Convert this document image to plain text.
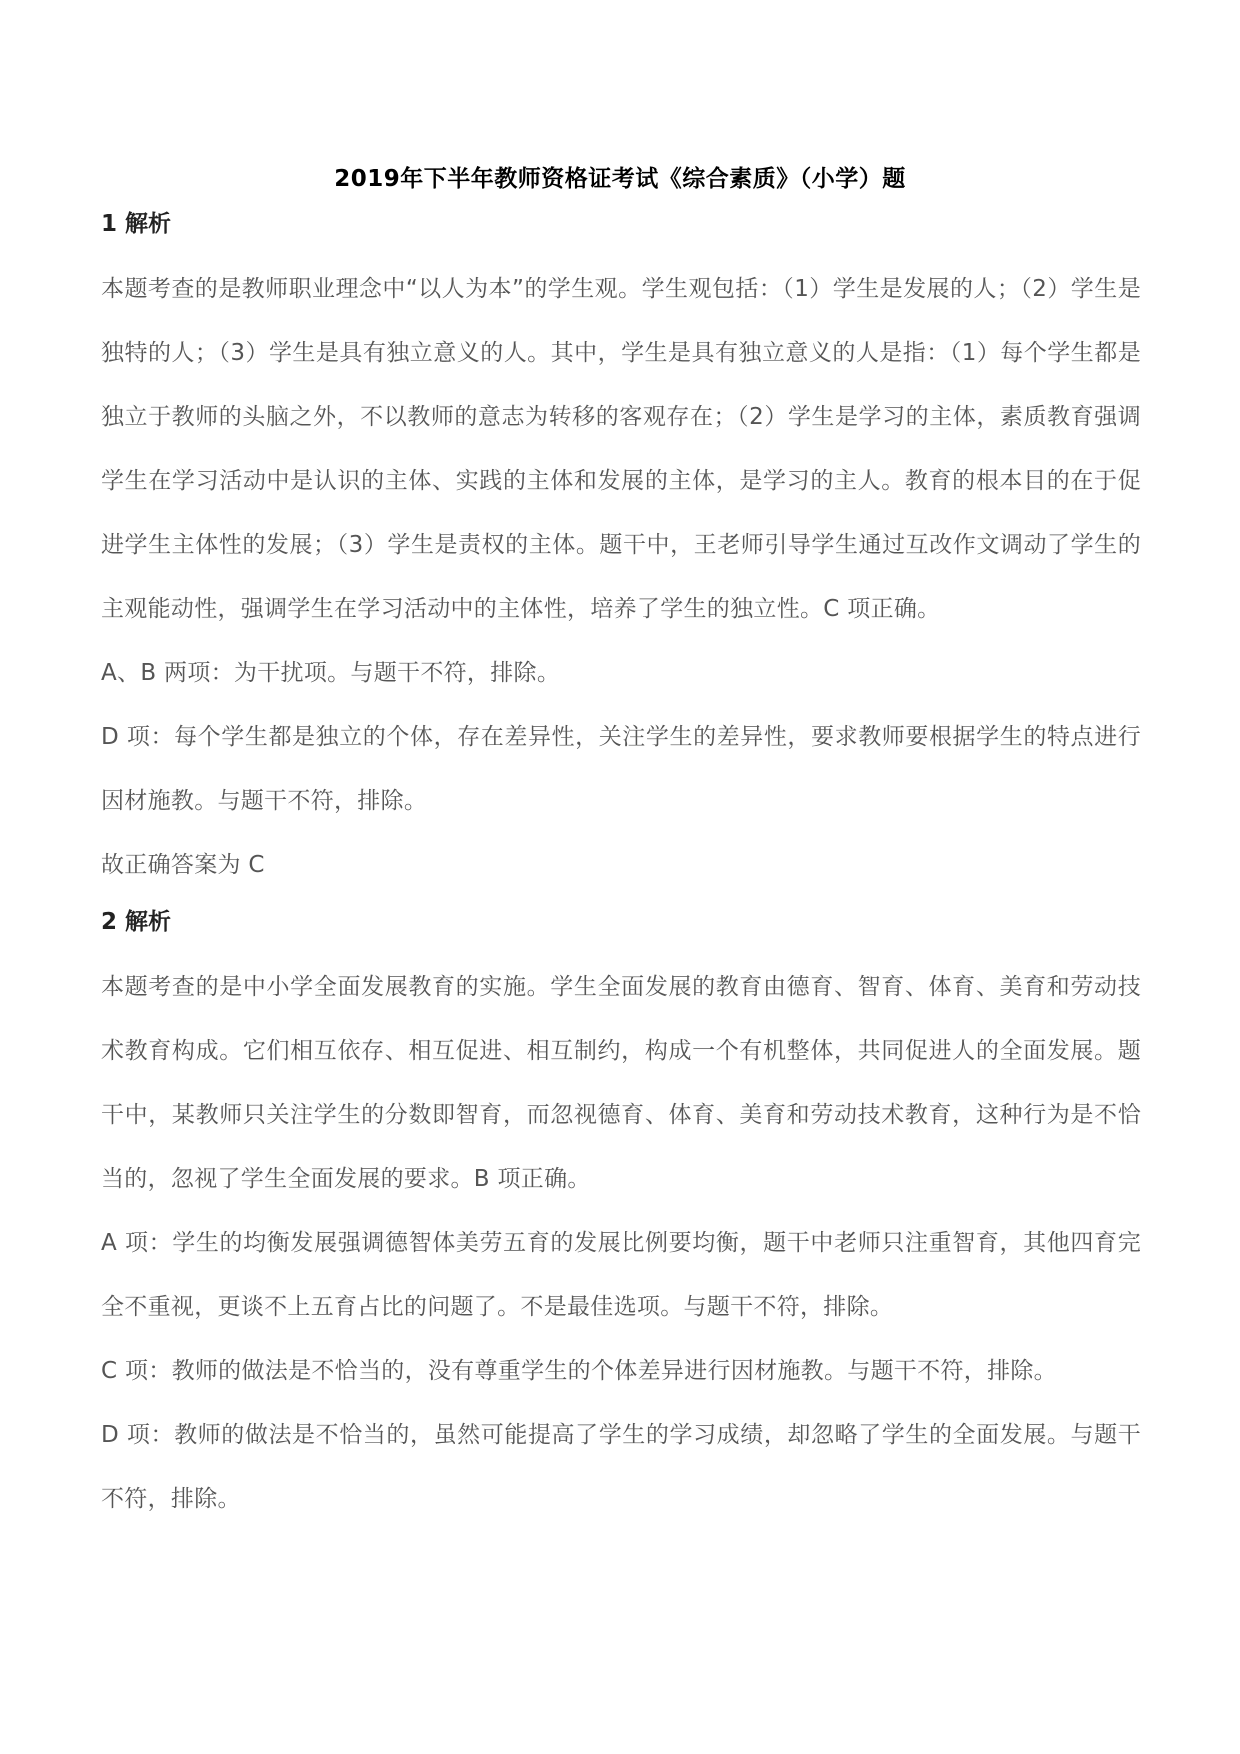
2019年下半年教师资格证考试《综合素质》（小学）题
1 解析

本题考查的是教师职业理念中“以人为本”的学生观。学生观包括：（1）学生是发展的人；（2）学生是独特的人；（3）学生是具有独立意义的人。其中，学生是具有独立意义的人是指：（1）每个学生都是独立于教师的头脑之外，不以教师的意志为转移的客观存在；（2）学生是学习的主体，素质教育强调学生在学习活动中是认识的主体、实践的主体和发展的主体，是学习的主人。教育的根本目的在于促进学生主体性的发展；（3）学生是责权的主体。题干中，王老师引导学生通过互改作文调动了学生的主观能动性，强调学生在学习活动中的主体性，培养了学生的独立性。C 项正确。

A、B 两项：为干扰项。与题干不符，排除。

D 项：每个学生都是独立的个体，存在差异性，关注学生的差异性，要求教师要根据学生的特点进行因材施教。与题干不符，排除。

故正确答案为 C

2 解析

本题考查的是中小学全面发展教育的实施。学生全面发展的教育由德育、智育、体育、美育和劳动技术教育构成。它们相互依存、相互促进、相互制约，构成一个有机整体，共同促进人的全面发展。题干中，某教师只关注学生的分数即智育，而忽视德育、体育、美育和劳动技术教育，这种行为是不恰当的，忽视了学生全面发展的要求。B 项正确。

A 项：学生的均衡发展强调德智体美劳五育的发展比例要均衡，题干中老师只注重智育，其他四育完全不重视，更谈不上五育占比的问题了。不是最佳选项。与题干不符，排除。

C 项：教师的做法是不恰当的，没有尊重学生的个体差异进行因材施教。与题干不符，排除。

D 项：教师的做法是不恰当的，虽然可能提高了学生的学习成绩，却忽略了学生的全面发展。与题干不符，排除。
